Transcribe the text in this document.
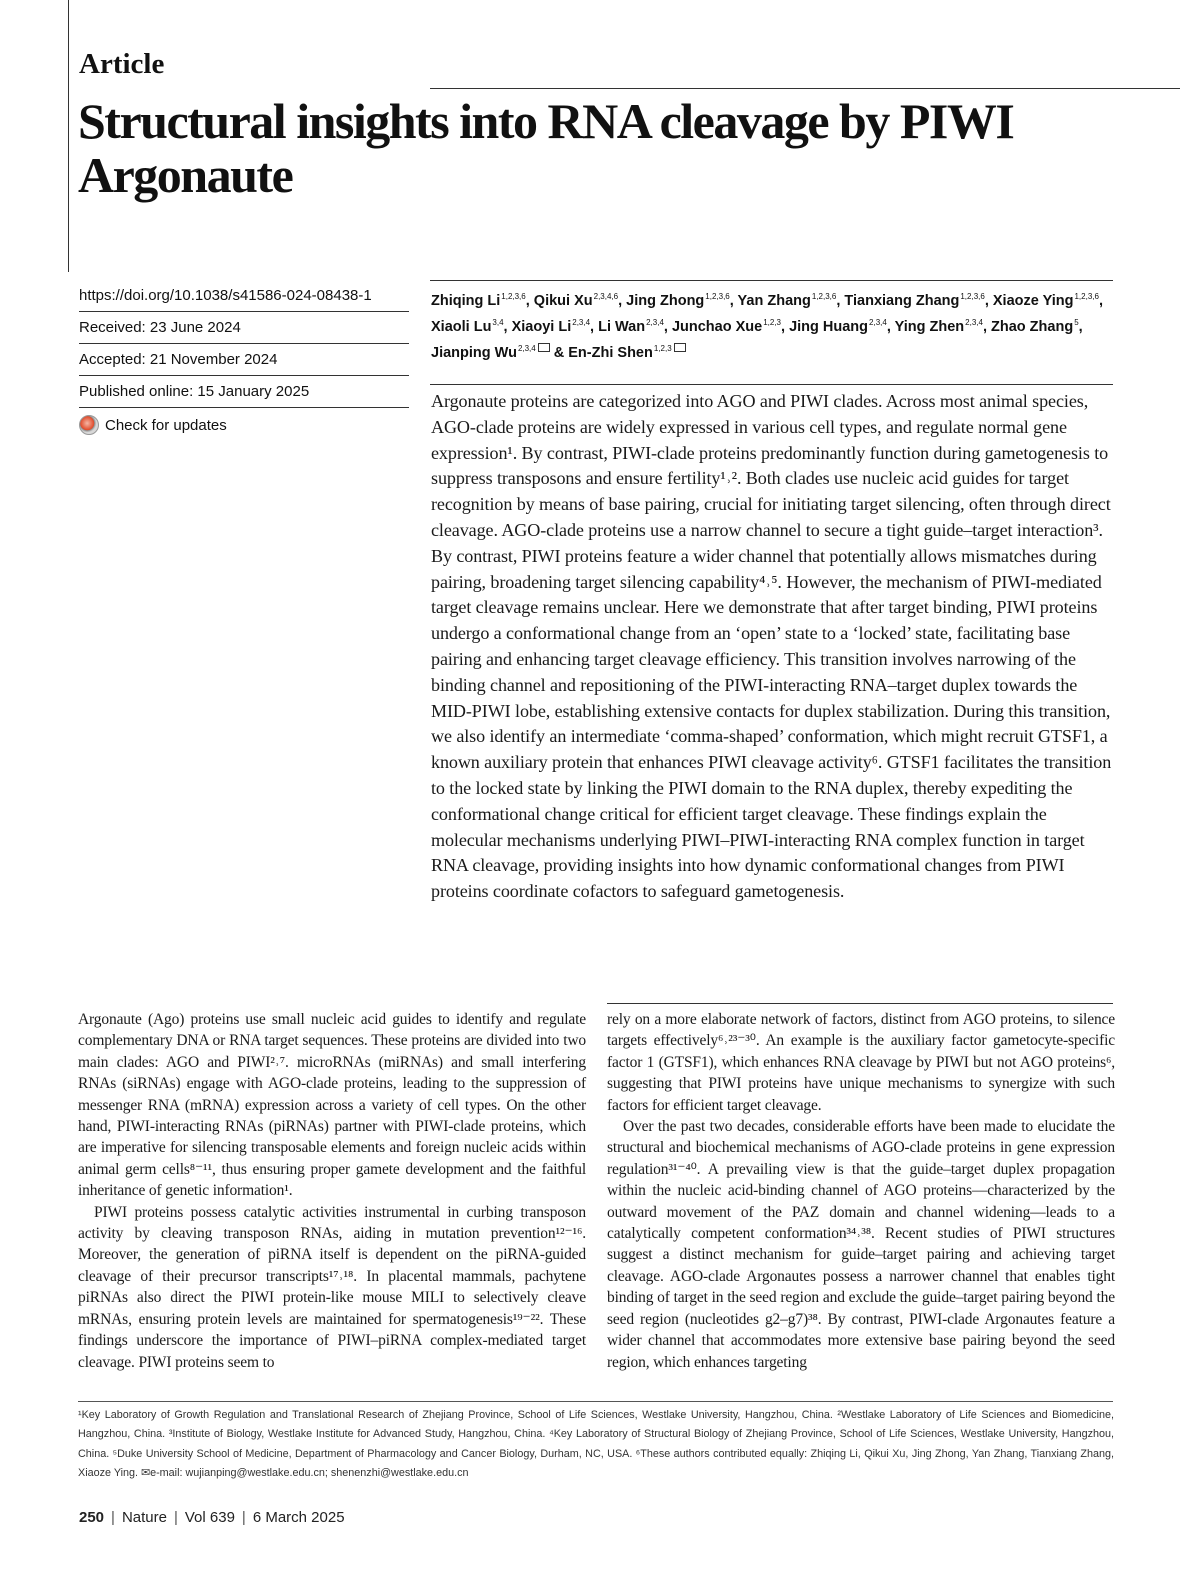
Article
Structural insights into RNA cleavage by PIWI Argonaute
https://doi.org/10.1038/s41586-024-08438-1
Received: 23 June 2024
Accepted: 21 November 2024
Published online: 15 January 2025
Check for updates
Zhiqing Li$^{1,2,3,6}$, Qikui Xu$^{2,3,4,6}$, Jing Zhong$^{1,2,3,6}$, Yan Zhang$^{1,2,3,6}$, Tianxiang Zhang$^{1,2,3,6}$, Xiaoze Ying$^{1,2,3,6}$, Xiaoli Lu$^{3,4}$, Xiaoyi Li$^{2,3,4}$, Li Wan$^{2,3,4}$, Junchao Xue$^{1,2,3}$, Jing Huang$^{2,3,4}$, Ying Zhen$^{2,3,4}$, Zhao Zhang$^5$, Jianping Wu$^{2,3,4}$ & En-Zhi Shen$^{1,2,3}$

Argonaute proteins are categorized into AGO and PIWI clades. Across most animal species, AGO-clade proteins are widely expressed in various cell types, and regulate normal gene expression¹. By contrast, PIWI-clade proteins predominantly function during gametogenesis to suppress transposons and ensure fertility¹˒². Both clades use nucleic acid guides for target recognition by means of base pairing, crucial for initiating target silencing, often through direct cleavage. AGO-clade proteins use a narrow channel to secure a tight guide–target interaction³. By contrast, PIWI proteins feature a wider channel that potentially allows mismatches during pairing, broadening target silencing capability⁴˒⁵. However, the mechanism of PIWI-mediated target cleavage remains unclear. Here we demonstrate that after target binding, PIWI proteins undergo a conformational change from an ‘open’ state to a ‘locked’ state, facilitating base pairing and enhancing target cleavage efficiency. This transition involves narrowing of the binding channel and repositioning of the PIWI-interacting RNA–target duplex towards the MID-PIWI lobe, establishing extensive contacts for duplex stabilization. During this transition, we also identify an intermediate ‘comma-shaped’ conformation, which might recruit GTSF1, a known auxiliary protein that enhances PIWI cleavage activity⁶. GTSF1 facilitates the transition to the locked state by linking the PIWI domain to the RNA duplex, thereby expediting the conformational change critical for efficient target cleavage. These findings explain the molecular mechanisms underlying PIWI–PIWI-interacting RNA complex function in target RNA cleavage, providing insights into how dynamic conformational changes from PIWI proteins coordinate cofactors to safeguard gametogenesis.

Argonaute (Ago) proteins use small nucleic acid guides to identify and regulate complementary DNA or RNA target sequences. These proteins are divided into two main clades: AGO and PIWI²˒⁷. microRNAs (miRNAs) and small interfering RNAs (siRNAs) engage with AGO-clade proteins, leading to the suppression of messenger RNA (mRNA) expression across a variety of cell types. On the other hand, PIWI-interacting RNAs (piRNAs) partner with PIWI-clade proteins, which are imperative for silencing transposable elements and foreign nucleic acids within animal germ cells⁸⁻¹¹, thus ensuring proper gamete development and the faithful inheritance of genetic information¹.

PIWI proteins possess catalytic activities instrumental in curbing transposon activity by cleaving transposon RNAs, aiding in mutation prevention¹²⁻¹⁶. Moreover, the generation of piRNA itself is dependent on the piRNA-guided cleavage of their precursor transcripts¹⁷˒¹⁸. In placental mammals, pachytene piRNAs also direct the PIWI protein-like mouse MILI to selectively cleave mRNAs, ensuring protein levels are maintained for spermatogenesis¹⁹⁻²². These findings underscore the importance of PIWI–piRNA complex-mediated target cleavage. PIWI proteins seem to

rely on a more elaborate network of factors, distinct from AGO proteins, to silence targets effectively⁶˒²³⁻³⁰. An example is the auxiliary factor gametocyte-specific factor 1 (GTSF1), which enhances RNA cleavage by PIWI but not AGO proteins⁶, suggesting that PIWI proteins have unique mechanisms to synergize with such factors for efficient target cleavage.

Over the past two decades, considerable efforts have been made to elucidate the structural and biochemical mechanisms of AGO-clade proteins in gene expression regulation³¹⁻⁴⁰. A prevailing view is that the guide–target duplex propagation within the nucleic acid-binding channel of AGO proteins—characterized by the outward movement of the PAZ domain and channel widening—leads to a catalytically competent conformation³⁴˒³⁸. Recent studies of PIWI structures suggest a distinct mechanism for guide–target pairing and achieving target cleavage. AGO-clade Argonautes possess a narrower channel that enables tight binding of target in the seed region and exclude the guide–target pairing beyond the seed region (nucleotides g2–g7)³⁸. By contrast, PIWI-clade Argonautes feature a wider channel that accommodates more extensive base pairing beyond the seed region, which enhances targeting

¹Key Laboratory of Growth Regulation and Translational Research of Zhejiang Province, School of Life Sciences, Westlake University, Hangzhou, China. ²Westlake Laboratory of Life Sciences and Biomedicine, Hangzhou, China. ³Institute of Biology, Westlake Institute for Advanced Study, Hangzhou, China. ⁴Key Laboratory of Structural Biology of Zhejiang Province, School of Life Sciences, Westlake University, Hangzhou, China. ⁵Duke University School of Medicine, Department of Pharmacology and Cancer Biology, Durham, NC, USA. ⁶These authors contributed equally: Zhiqing Li, Qikui Xu, Jing Zhong, Yan Zhang, Tianxiang Zhang, Xiaoze Ying. ✉e-mail: wujianping@westlake.edu.cn; shenenzhi@westlake.edu.cn

250 | Nature | Vol 639 | 6 March 2025
